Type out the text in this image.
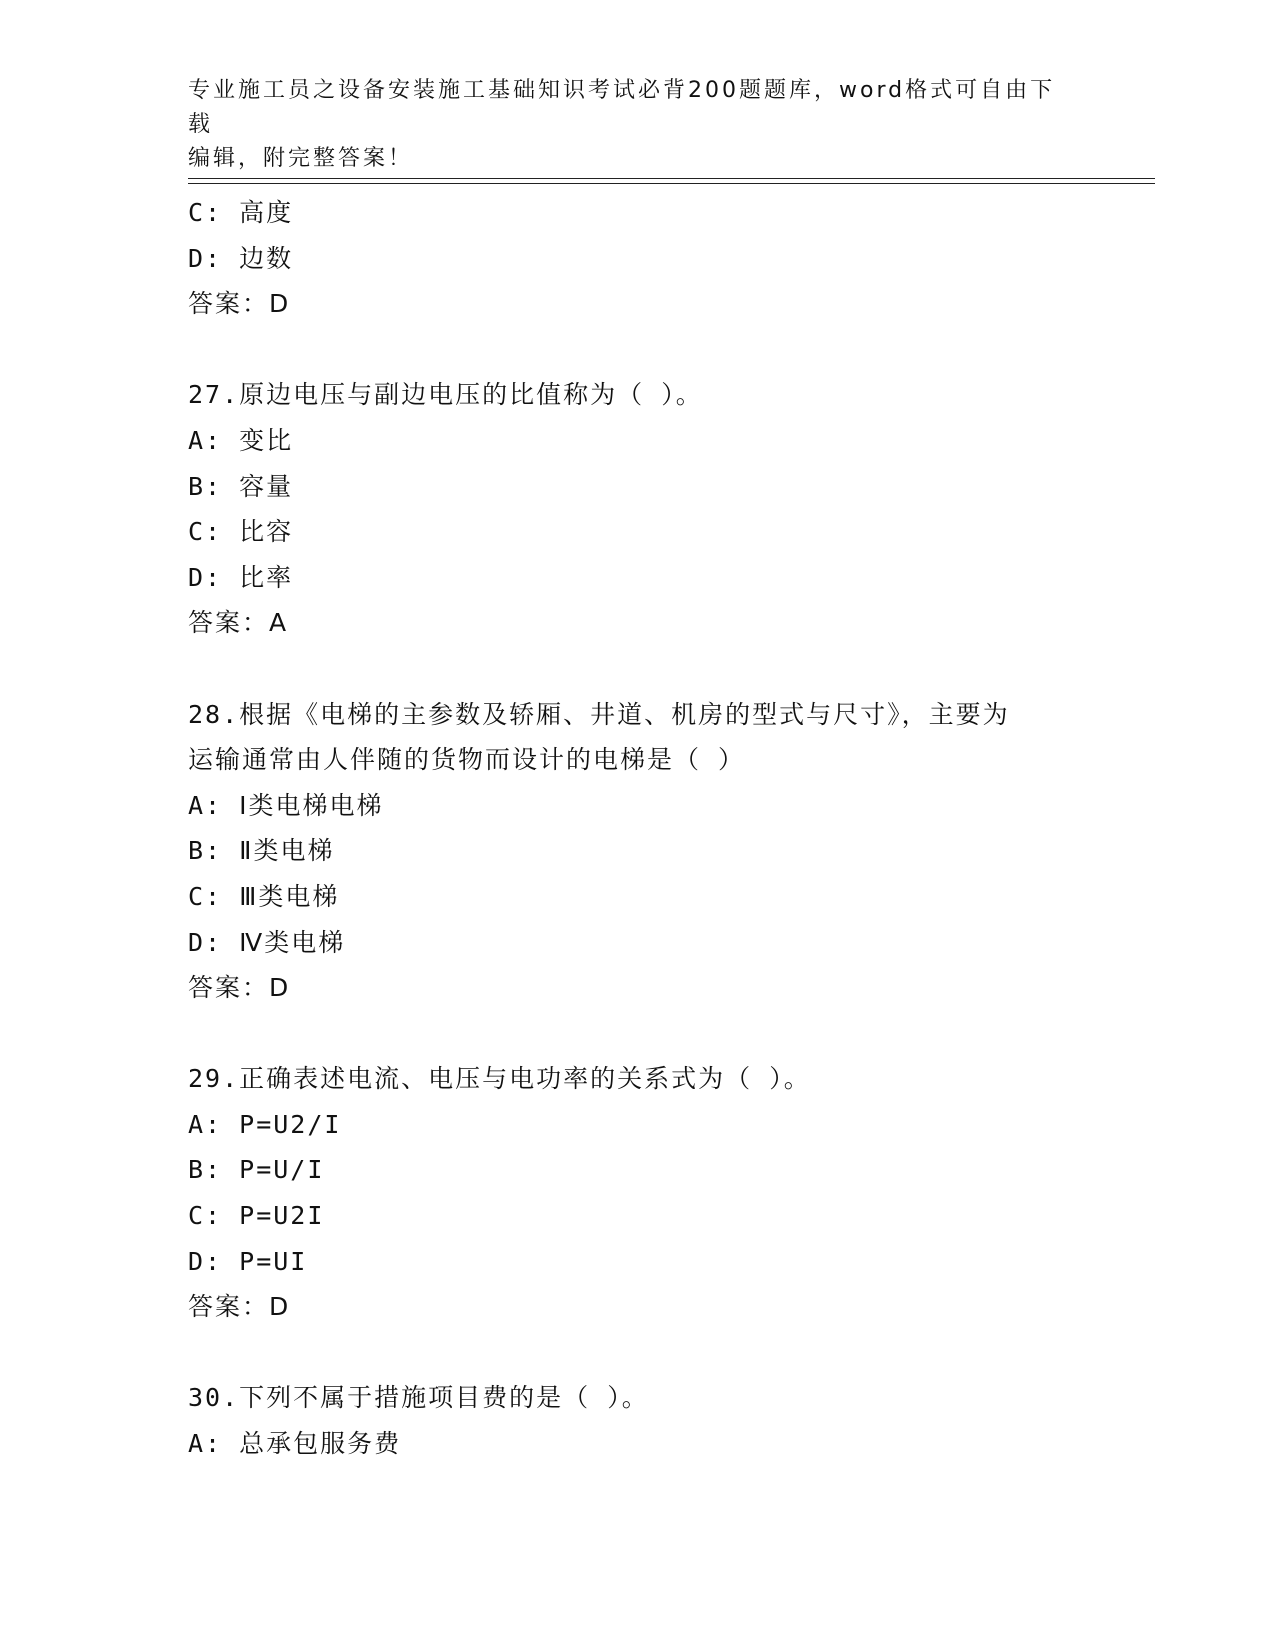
专业施工员之设备安装施工基础知识考试必背200题题库，word格式可自由下载
编辑，附完整答案！
C: 高度
D: 边数
答案：D
27.原边电压与副边电压的比值称为（ ）。
A: 变比
B: 容量
C: 比容
D: 比率
答案：A
28.根据《电梯的主参数及轿厢、井道、机房的型式与尺寸》，主要为
运输通常由人伴随的货物而设计的电梯是（ ）
A: Ⅰ类电梯电梯
B: Ⅱ类电梯
C: Ⅲ类电梯
D: Ⅳ类电梯
答案：D
29.正确表述电流、电压与电功率的关系式为（ ）。
A: P=U2/I
B: P=U/I
C: P=U2I
D: P=UI
答案：D
30.下列不属于措施项目费的是（ ）。
A: 总承包服务费
